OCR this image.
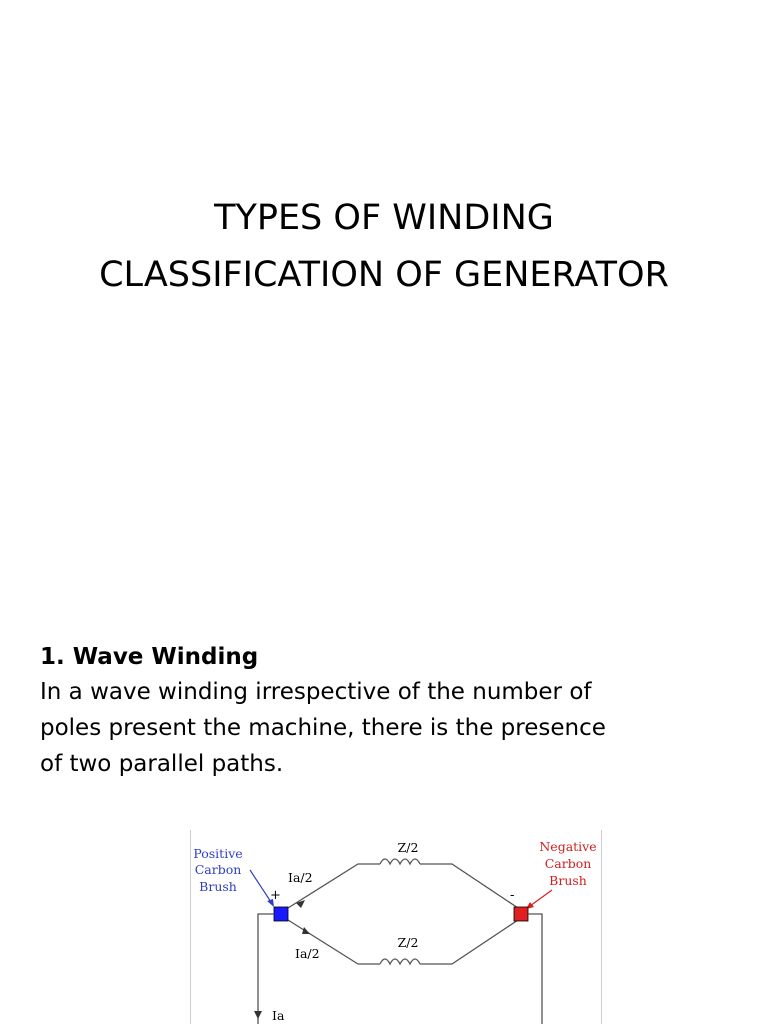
TYPES OF WINDING
CLASSIFICATION OF GENERATOR
1. Wave Winding
In a wave winding irrespective of the number of
poles present the machine, there is the presence
of two parallel paths.
Positive
Carbon
Brush
Negative
Carbon
Brush
+	-
Z/2
Z/2
Ia/2
Ia/2
Ia
